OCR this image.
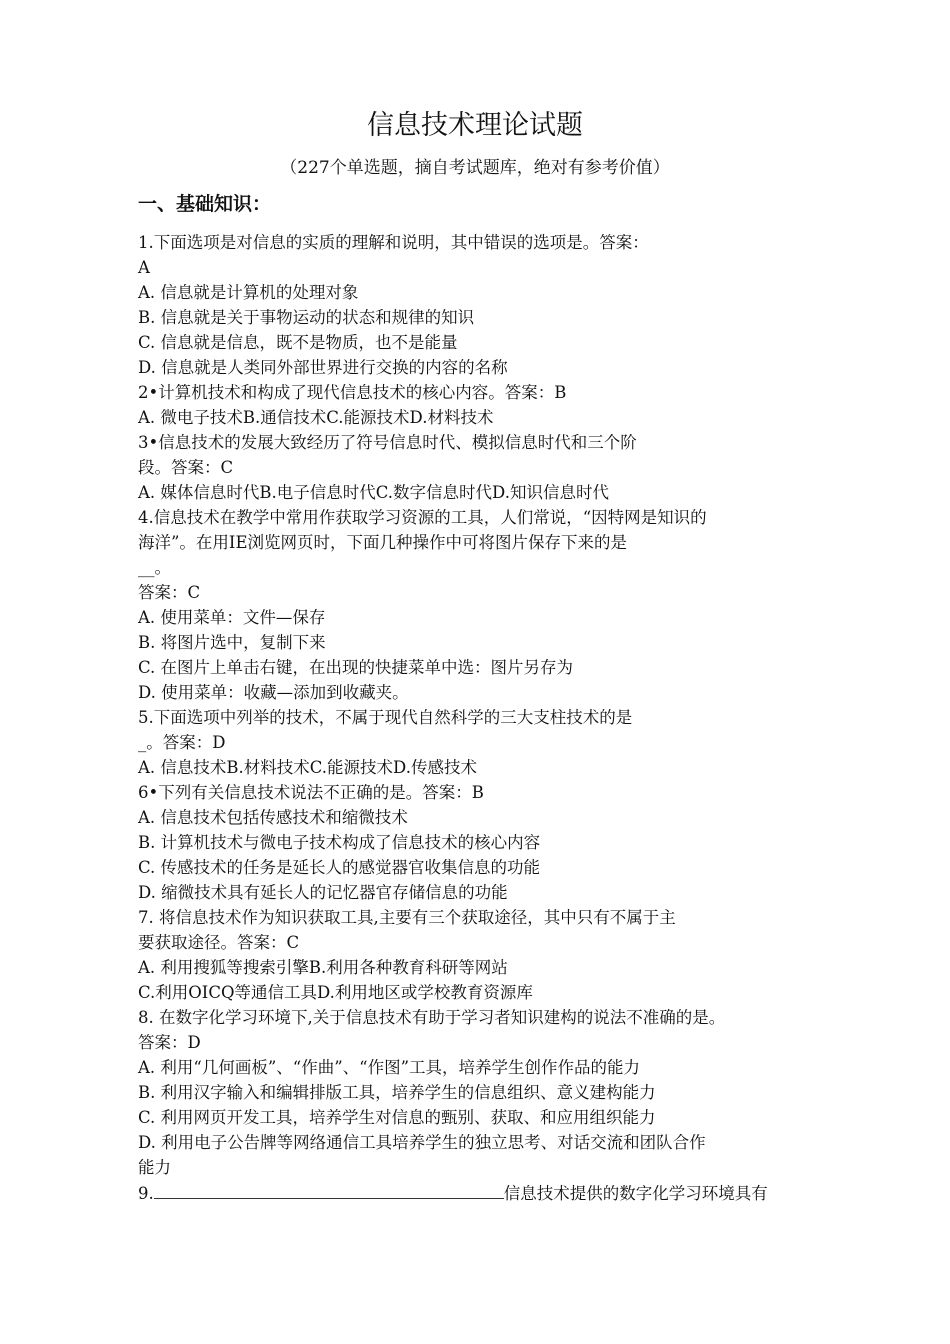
信息技术理论试题
（227个单选题，摘自考试题库，绝对有参考价值）
一、基础知识：
1.下面选项是对信息的实质的理解和说明，其中错误的选项是。答案：
A
A. 信息就是计算机的处理对象
B. 信息就是关于事物运动的状态和规律的知识
C. 信息就是信息，既不是物质，也不是能量
D. 信息就是人类同外部世界进行交换的内容的名称
2•计算机技术和构成了现代信息技术的核心内容。答案：B
A. 微电子技术B.通信技术C.能源技术D.材料技术
3•信息技术的发展大致经历了符号信息时代、模拟信息时代和三个阶
段。答案：C
A. 媒体信息时代B.电子信息时代C.数字信息时代D.知识信息时代
4.信息技术在教学中常用作获取学习资源的工具，人们常说，“因特网是知识的
海洋”。在用IE浏览网页时，下面几种操作中可将图片保存下来的是
__。
答案：C
A. 使用菜单：文件—保存
B. 将图片选中，复制下来
C. 在图片上单击右键，在出现的快捷菜单中选：图片另存为
D. 使用菜单：收藏—添加到收藏夹。
5.下面选项中列举的技术，不属于现代自然科学的三大支柱技术的是
_。答案：D
A. 信息技术B.材料技术C.能源技术D.传感技术
6•下列有关信息技术说法不正确的是。答案：B
A. 信息技术包括传感技术和缩微技术
B. 计算机技术与微电子技术构成了信息技术的核心内容
C. 传感技术的任务是延长人的感觉器官收集信息的功能
D. 缩微技术具有延长人的记忆器官存储信息的功能
7. 将信息技术作为知识获取工具,主要有三个获取途径，其中只有不属于主
要获取途径。答案：C
A. 利用搜狐等搜索引擎B.利用各种教育科研等网站
C.利用OICQ等通信工具D.利用地区或学校教育资源库
8. 在数字化学习环境下,关于信息技术有助于学习者知识建构的说法不准确的是。
答案：D
A. 利用“几何画板”、“作曲”、“作图”工具，培养学生创作作品的能力
B. 利用汉字输入和编辑排版工具，培养学生的信息组织、意义建构能力
C. 利用网页开发工具，培养学生对信息的甄别、获取、和应用组织能力
D. 利用电子公告牌等网络通信工具培养学生的独立思考、对话交流和团队合作
能力
9.	信息技术提供的数字化学习环境具有
